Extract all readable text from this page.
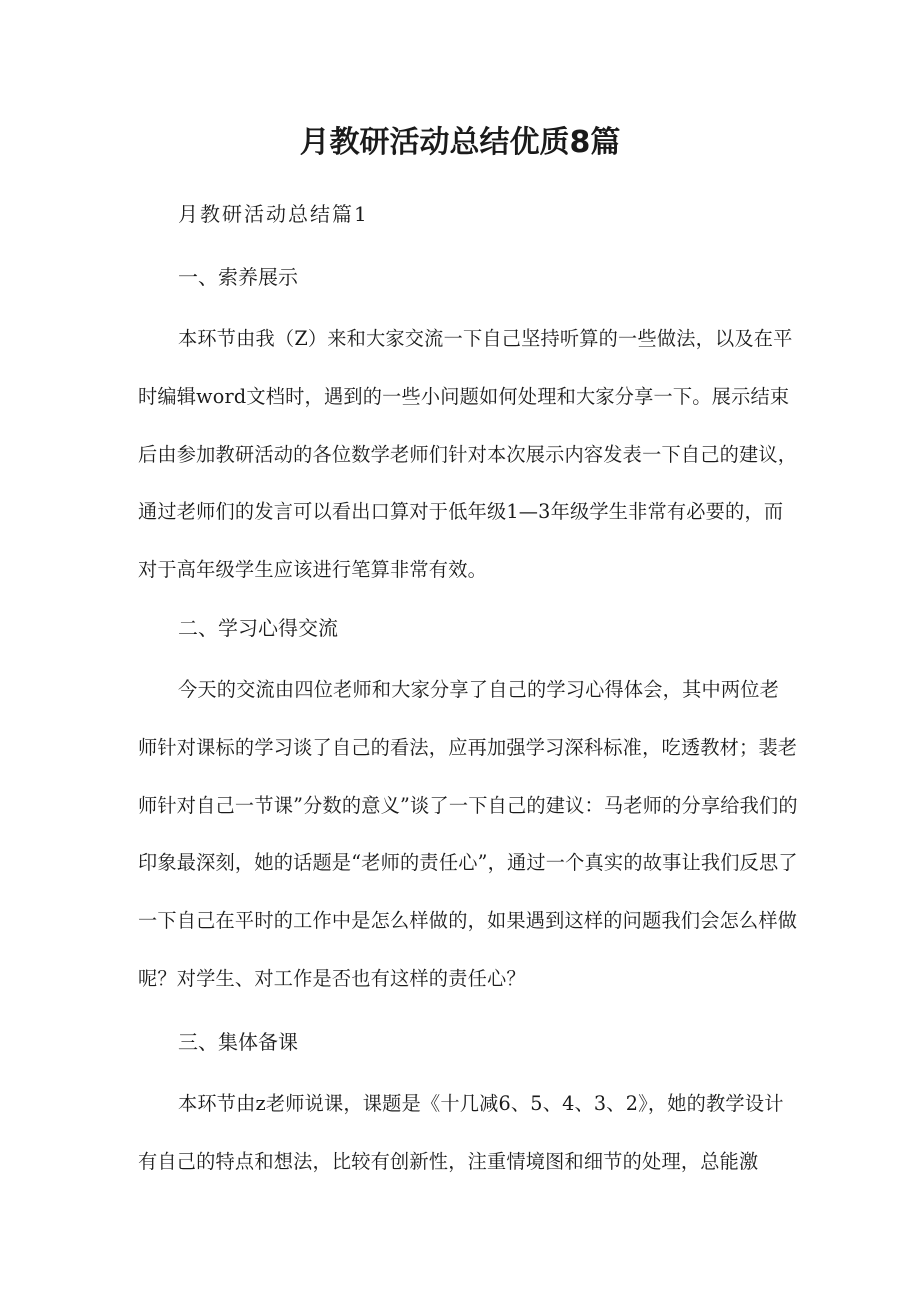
月教研活动总结优质8篇
月教研活动总结篇1
一、索养展示

本环节由我（Z）来和大家交流一下自己坚持听算的一些做法，以及在平时编辑word文档时，遇到的一些小问题如何处理和大家分享一下。展示结束后由参加教研活动的各位数学老师们针对本次展示内容发表一下自己的建议，通过老师们的发言可以看出口算对于低年级1—3年级学生非常有必要的，而对于高年级学生应该进行笔算非常有效。

二、学习心得交流

今天的交流由四位老师和大家分享了自己的学习心得体会，其中两位老师针对课标的学习谈了自己的看法，应再加强学习深科标准，吃透教材；裴老师针对自己一节课”分数的意义”谈了一下自己的建议：马老师的分享给我们的印象最深刻，她的话题是“老师的责任心”，通过一个真实的故事让我们反思了一下自己在平时的工作中是怎么样做的，如果遇到这样的问题我们会怎么样做呢？对学生、对工作是否也有这样的责任心？

三、集体备课

本环节由z老师说课，课题是《十几减6、5、4、3、2》，她的教学设计有自己的特点和想法，比较有创新性，注重情境图和细节的处理，总能激
